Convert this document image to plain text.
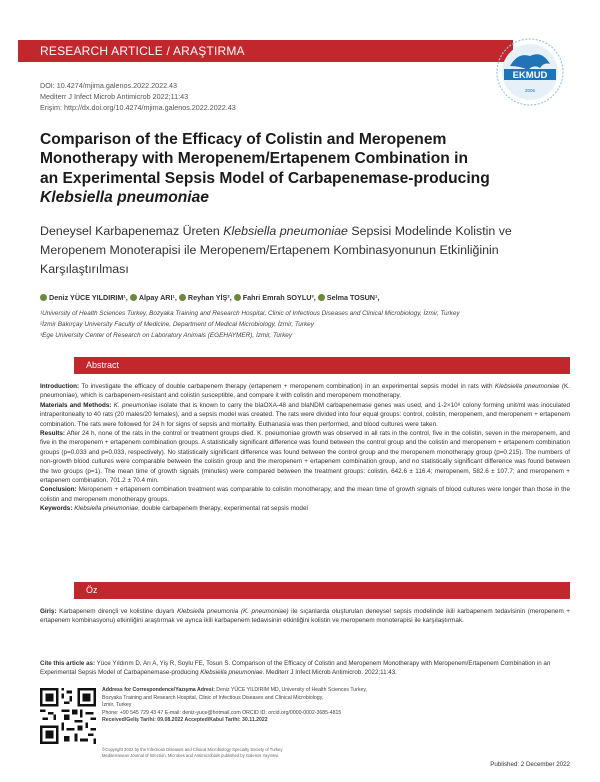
RESEARCH ARTICLE / ARAŞTIRMA
EKMUD
2006
DOI: 10.4274/mjima.galenos.2022.2022.43
Mediterr J Infect Microb Antimicrob 2022;11:43
Erişim: http://dx.doi.org/10.4274/mjima.galenos.2022.2022.43
Comparison of the Efficacy of Colistin and Meropenem
Monotherapy with Meropenem/Ertapenem Combination in
an Experimental Sepsis Model of Carbapenemase-producing
Klebsiella pneumoniae
Deneysel Karbapenemaz Üreten Klebsiella pneumoniae Sepsisi Modelinde Kolistin ve Meropenem Monoterapisi ile Meropenem/Ertapenem Kombinasyonunun Etkinliğinin Karşılaştırılması
Deniz YÜCE YILDIRIM¹, Alpay ARI¹, Reyhan YİŞ², Fahri Emrah SOYLU³, Selma TOSUN¹,
¹University of Health Sciences Turkey, Bozyaka Training and Research Hospital, Clinic of Infectious Diseases and Clinical Microbiology, İzmir, Turkey
²İzmir Bakırçay University Faculty of Medicine, Department of Medical Microbiology, İzmir, Turkey
³Ege University Center of Research on Laboratory Animals (EGEHAYMER), İzmir, Turkey
Abstract

Introduction: To investigate the efficacy of double carbapenem therapy (ertapenem + meropenem combination) in an experimental sepsis model in rats with Klebsiella pneumoniae (K. pneumoniae), which is carbapenem-resistant and colistin susceptible, and compare it with colistin and meropenem monotherapy.

Materials and Methods: K. pneumoniae isolate that is known to carry the blaOXA-48 and blaNDM carbapenemase genes was used, and 1-2×10⁸ colony forming unit/ml was inoculated intraperitoneally to 40 rats (20 males/20 females), and a sepsis model was created. The rats were divided into four equal groups: control, colistin, meropenem, and meropenem + ertapenem combination. The rats were followed for 24 h for signs of sepsis and mortality. Euthanasia was then performed, and blood cultures were taken.

Results: After 24 h, none of the rats in the control or treatment groups died. K. pneumoniae growth was observed in all rats in the control, five in the colistin, seven in the meropenem, and five in the meropenem + ertapenem combination groups. A statistically significant difference was found between the control group and the colistin and meropenem + ertapenem combination groups (p=0.033 and p=0.033, respectively). No statistically significant difference was found between the control group and the meropenem monotherapy group (p=0.215). The numbers of non-growth blood cultures were comparable between the colistin group and the meropenem + ertapenem combination group, and no statistically significant difference was found between the two groups (p=1). The mean time of growth signals (minutes) were compared between the treatment groups: colistin, 642.6 ± 116.4; meropenem, 582.6 ± 107.7; and meropenem + ertapenem combination, 701.2 ± 70.4 min.

Conclusion: Meropenem + ertapenem combination treatment was comparable to colistin monotherapy, and the mean time of growth signals of blood cultures were longer than those in the colistin and meropenem monotherapy groups.

Keywords: Klebsiella pneumoniae, double carbapenem therapy, experimental rat sepsis model

Öz

Giriş: Karbapenem dirençli ve kolistine duyarlı Klebsiella pneumonia (K. pneumoniae) ile sıçanlarda oluşturulan deneysel sepsis modelinde ikili karbapenem tedavisinin (meropenem + ertapenem kombinasyonu) etkinliğini araştırmak ve ayrıca ikili karbapenem tedavisinin etkinliğini kolistin ve meropenem monoterapisi ile karşılaştırmak.

Cite this article as: Yüce Yıldırım D, Arı A, Yiş R, Soylu FE, Tosun S. Comparison of the Efficacy of Colistin and Meropenem Monotherapy with Meropenem/Ertapenem Combination in an Experimental Sepsis Model of Carbapenemase-producing Klebsiella pneumoniae. Mediterr J Infect Microb Antimicrob. 2022;11:43.
Address for Correspondence/Yazışma Adresi: Deniz YÜCE YILDIRIM MD, University of Health Sciences Turkey,
Bozyaka Training and Research Hospital, Clinic of Infectious Diseases and Clinical Microbiology,
İzmir, Turkey
Phone: +90 545 729 43 47 E-mail: deniz-yuce@hotmail.com ORCID ID: orcid.org/0000-0002-3685-4815
Received/Geliş Tarihi: 09.08.2022 Accepted/Kabul Tarihi: 30.11.2022
©Copyright 2022 by the Infectious Diseases and Clinical Microbiology Specialty Society of Turkey
Mediterranean Journal of Infection, Microbes and Antimicrobials published by Galenos Yayınevi.
Published: 2 December 2022
